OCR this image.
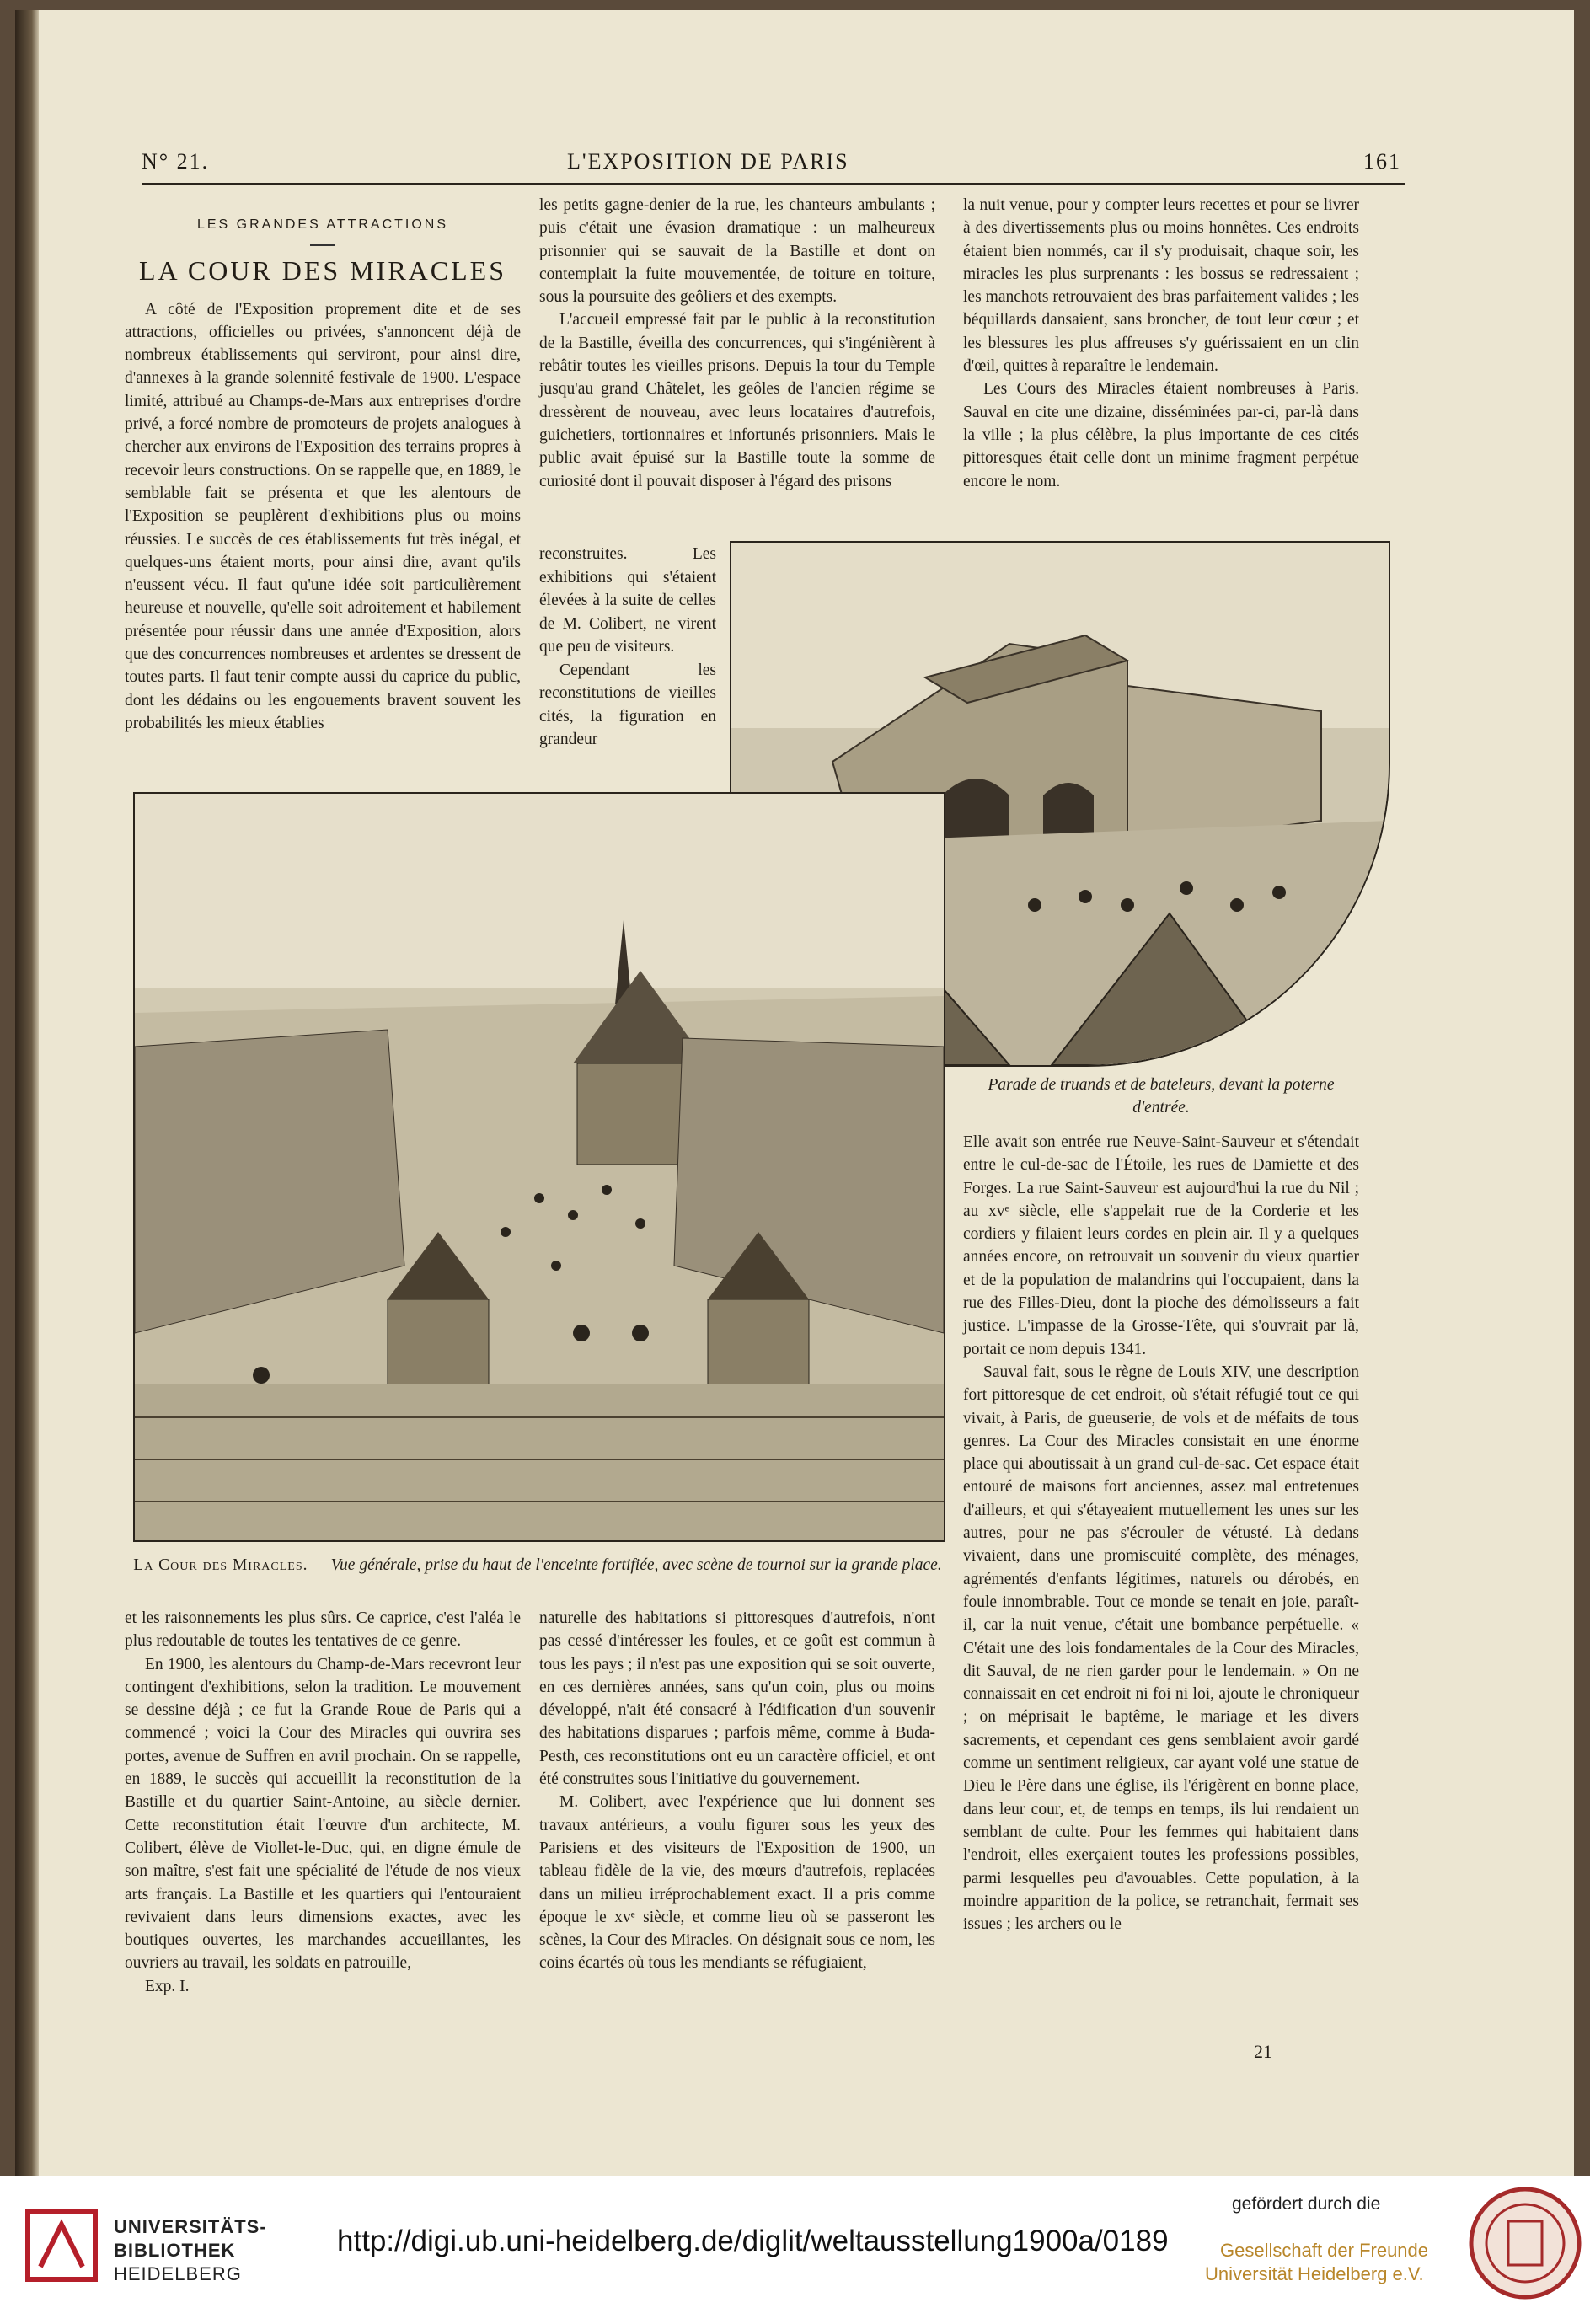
N° 21.	L'EXPOSITION DE PARIS	161
LES GRANDES ATTRACTIONS
LA COUR DES MIRACLES

A côté de l'Exposition proprement dite et de ses attractions, officielles ou privées, s'annoncent déjà de nombreux établissements qui serviront, pour ainsi dire, d'annexes à la grande solennité festivale de 1900. L'espace limité, attribué au Champs-de-Mars aux entreprises d'ordre privé, a forcé nombre de promoteurs de projets analogues à chercher aux environs de l'Exposition des terrains propres à recevoir leurs constructions. On se rappelle que, en 1889, le semblable fait se présenta et que les alentours de l'Exposition se peuplèrent d'exhibitions plus ou moins réussies. Le succès de ces établissements fut très inégal, et quelques-uns étaient morts, pour ainsi dire, avant qu'ils n'eussent vécu. Il faut qu'une idée soit particulièrement heureuse et nouvelle, qu'elle soit adroitement et habilement présentée pour réussir dans une année d'Exposition, alors que des concurrences nombreuses et ardentes se dressent de toutes parts. Il faut tenir compte aussi du caprice du public, dont les dédains ou les engouements bravent souvent les probabilités les mieux établies

les petits gagne-denier de la rue, les chanteurs ambulants ; puis c'était une évasion dramatique : un malheureux prisonnier qui se sauvait de la Bastille et dont on contemplait la fuite mouvementée, de toiture en toiture, sous la poursuite des geôliers et des exempts.

L'accueil empressé fait par le public à la reconstitution de la Bastille, éveilla des concurrences, qui s'ingénièrent à rebâtir toutes les vieilles prisons. Depuis la tour du Temple jusqu'au grand Châtelet, les geôles de l'ancien régime se dressèrent de nouveau, avec leurs locataires d'autrefois, guichetiers, tortionnaires et infortunés prisonniers. Mais le public avait épuisé sur la Bastille toute la somme de curiosité dont il pouvait disposer à l'égard des prisons

reconstruites. Les exhibitions qui s'étaient élevées à la suite de celles de M. Colibert, ne virent que peu de visiteurs.

Cependant les reconstitutions de vieilles cités, la figuration en grandeur

la nuit venue, pour y compter leurs recettes et pour se livrer à des divertissements plus ou moins honnêtes. Ces endroits étaient bien nommés, car il s'y produisait, chaque soir, les miracles les plus surprenants : les bossus se redressaient ; les manchots retrouvaient des bras parfaitement valides ; les béquillards dansaient, sans broncher, de tout leur cœur ; et les blessures les plus affreuses s'y guérissaient en un clin d'œil, quittes à reparaître le lendemain.

Les Cours des Miracles étaient nombreuses à Paris. Sauval en cite une dizaine, disséminées par-ci, par-là dans la ville ; la plus célèbre, la plus importante de ces cités pittoresques était celle dont un minime fragment perpétue encore le nom.

Parade de truands et de bateleurs, devant la poterne d'entrée.
La Cour des Miracles. — Vue générale, prise du haut de l'enceinte fortifiée, avec scène de tournoi sur la grande place.

Elle avait son entrée rue Neuve-Saint-Sauveur et s'étendait entre le cul-de-sac de l'Étoile, les rues de Damiette et des Forges. La rue Saint-Sauveur est aujourd'hui la rue du Nil ; au xvᵉ siècle, elle s'appelait rue de la Corderie et les cordiers y filaient leurs cordes en plein air. Il y a quelques années encore, on retrouvait un souvenir du vieux quartier et de la population de malandrins qui l'occupaient, dans la rue des Filles-Dieu, dont la pioche des démolisseurs a fait justice. L'impasse de la Grosse-Tête, qui s'ouvrait par là, portait ce nom depuis 1341.

Sauval fait, sous le règne de Louis XIV, une description fort pittoresque de cet endroit, où s'était réfugié tout ce qui vivait, à Paris, de gueuserie, de vols et de méfaits de tous genres. La Cour des Miracles consistait en une énorme place qui aboutissait à un grand cul-de-sac. Cet espace était entouré de maisons fort anciennes, assez mal entretenues d'ailleurs, et qui s'étayeaient mutuellement les unes sur les autres, pour ne pas s'écrouler de vétusté. Là dedans vivaient, dans une promiscuité complète, des ménages, agrémentés d'enfants légitimes, naturels ou dérobés, en foule innombrable. Tout ce monde se tenait en joie, paraît-il, car la nuit venue, c'était une bombance perpétuelle. « C'était une des lois fondamentales de la Cour des Miracles, dit Sauval, de ne rien garder pour le lendemain. » On ne connaissait en cet endroit ni foi ni loi, ajoute le chroniqueur ; on méprisait le baptême, le mariage et les divers sacrements, et cependant ces gens semblaient avoir gardé comme un sentiment religieux, car ayant volé une statue de Dieu le Père dans une église, ils l'érigèrent en bonne place, dans leur cour, et, de temps en temps, ils lui rendaient un semblant de culte. Pour les femmes qui habitaient dans l'endroit, elles exerçaient toutes les professions possibles, parmi lesquelles peu d'avouables. Cette population, à la moindre apparition de la police, se retranchait, fermait ses issues ; les archers ou le

et les raisonnements les plus sûrs. Ce caprice, c'est l'aléa le plus redoutable de toutes les tentatives de ce genre.

En 1900, les alentours du Champ-de-Mars recevront leur contingent d'exhibitions, selon la tradition. Le mouvement se dessine déjà ; ce fut la Grande Roue de Paris qui a commencé ; voici la Cour des Miracles qui ouvrira ses portes, avenue de Suffren en avril prochain. On se rappelle, en 1889, le succès qui accueillit la reconstitution de la Bastille et du quartier Saint-Antoine, au siècle dernier. Cette reconstitution était l'œuvre d'un architecte, M. Colibert, élève de Viollet-le-Duc, qui, en digne émule de son maître, s'est fait une spécialité de l'étude de nos vieux arts français. La Bastille et les quartiers qui l'entouraient revivaient dans leurs dimensions exactes, avec les boutiques ouvertes, les marchandes accueillantes, les ouvriers au travail, les soldats en patrouille,

Exp. I.

naturelle des habitations si pittoresques d'autrefois, n'ont pas cessé d'intéresser les foules, et ce goût est commun à tous les pays ; il n'est pas une exposition qui se soit ouverte, en ces dernières années, sans qu'un coin, plus ou moins développé, n'ait été consacré à l'édification d'un souvenir des habitations disparues ; parfois même, comme à Buda-Pesth, ces reconstitutions ont eu un caractère officiel, et ont été construites sous l'initiative du gouvernement.

M. Colibert, avec l'expérience que lui donnent ses travaux antérieurs, a voulu figurer sous les yeux des Parisiens et des visiteurs de l'Exposition de 1900, un tableau fidèle de la vie, des mœurs d'autrefois, replacées dans un milieu irréprochablement exact. Il a pris comme époque le xvᵉ siècle, et comme lieu où se passeront les scènes, la Cour des Miracles. On désignait sous ce nom, les coins écartés où tous les mendiants se réfugiaient,

21
UNIVERSITÄTS-
BIBLIOTHEK
HEIDELBERG
gefördert durch die
Gesellschaft der Freunde
Universität Heidelberg e.V.
http://digi.ub.uni-heidelberg.de/diglit/weltausstellung1900a/0189
